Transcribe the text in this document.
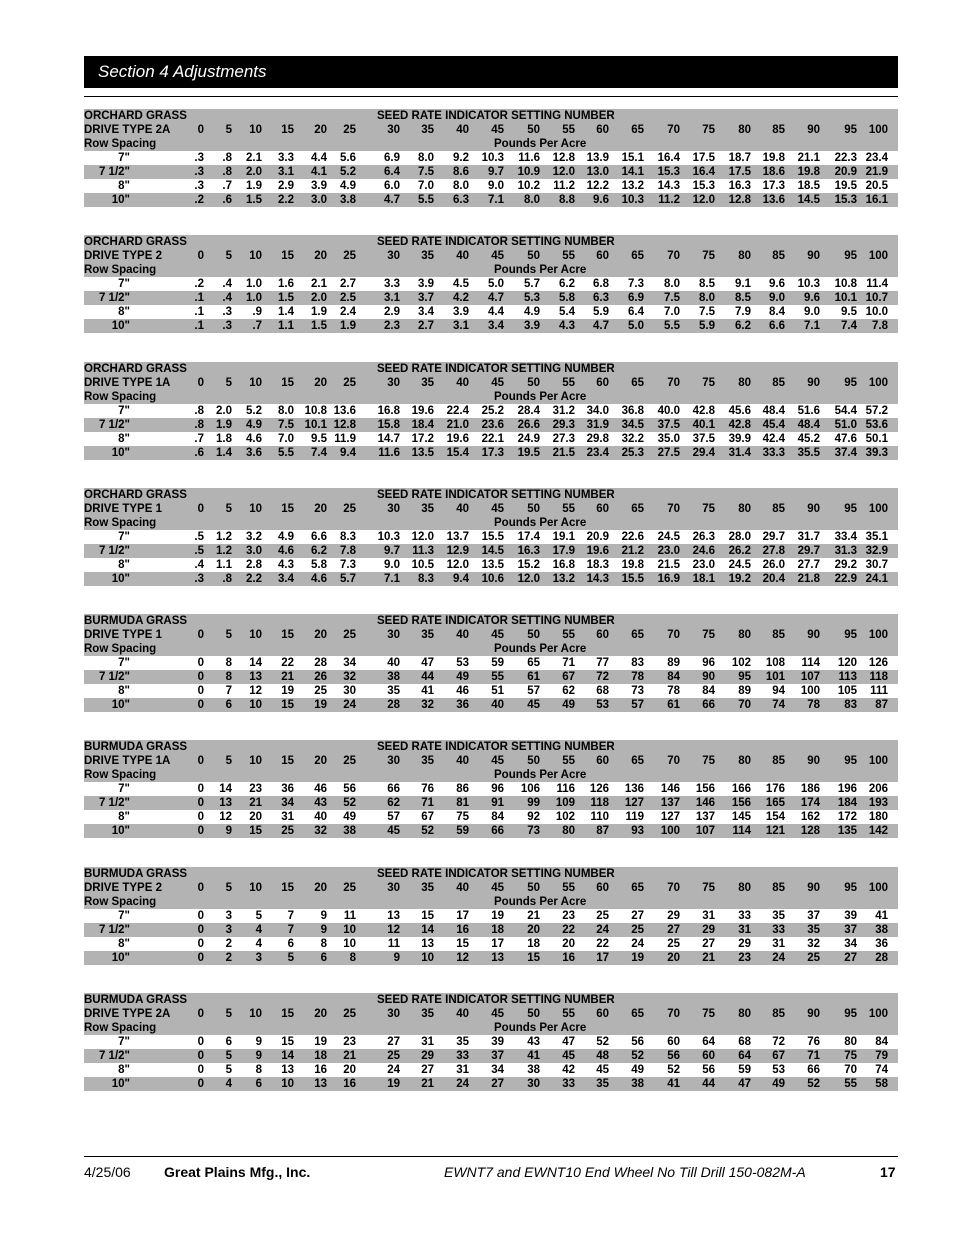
Section 4 Adjustments
ORCHARD GRASS	SEED RATE INDICATOR SETTING NUMBER
DRIVE TYPE 2A	0	5	10	15	20	25	30	35	40	45	50	55	60	65	70	75	80	85	90	95	100
Row Spacing	Pounds Per Acre
7"	.3	.8	2.1	3.3	4.4	5.6	6.9	8.0	9.2	10.3	11.6	12.8	13.9	15.1	16.4	17.5	18.7	19.8	21.1	22.3 23.4
7 1/2"	.3	.8	2.0	3.1	4.1	5.2	6.4	7.5	8.6	9.7	10.9	12.0	13.0	14.1	15.3	16.4	17.5	18.6	19.8	20.9 21.9
8"	.3	.7	1.9	2.9	3.9	4.9	6.0	7.0	8.0	9.0	10.2	11.2	12.2	13.2	14.3	15.3	16.3	17.3	18.5	19.5 20.5
10"	.2	.6	1.5	2.2	3.0	3.8	4.7	5.5	6.3	7.1	8.0	8.8	9.6	10.3	11.2	12.0	12.8	13.6	14.5	15.3 16.1
ORCHARD GRASS	SEED RATE INDICATOR SETTING NUMBER
DRIVE TYPE 2	0	5	10	15	20	25	30	35	40	45	50	55	60	65	70	75	80	85	90	95	100
Row Spacing	Pounds Per Acre
7"	.2	.4	1.0	1.6	2.1	2.7	3.3	3.9	4.5	5.0	5.7	6.2	6.8	7.3	8.0	8.5	9.1	9.6	10.3	10.8 11.4
7 1/2"	.1	.4	1.0	1.5	2.0	2.5	3.1	3.7	4.2	4.7	5.3	5.8	6.3	6.9	7.5	8.0	8.5	9.0	9.6	10.1 10.7
8"	.1	.3	.9	1.4	1.9	2.4	2.9	3.4	3.9	4.4	4.9	5.4	5.9	6.4	7.0	7.5	7.9	8.4	9.0	9.5 10.0
10"	.1	.3	.7	1.1	1.5	1.9	2.3	2.7	3.1	3.4	3.9	4.3	4.7	5.0	5.5	5.9	6.2	6.6	7.1	7.4	7.8
ORCHARD GRASS	SEED RATE INDICATOR SETTING NUMBER
DRIVE TYPE 1A	0	5	10	15	20	25	30	35	40	45	50	55	60	65	70	75	80	85	90	95	100
Row Spacing	Pounds Per Acre
7"	.8	2.0	5.2	8.0 10.8 13.6	16.8	19.6	22.4	25.2	28.4	31.2	34.0	36.8	40.0	42.8	45.6	48.4	51.6	54.4 57.2
7 1/2"	.8	1.9	4.9	7.5 10.1 12.8	15.8	18.4	21.0	23.6	26.6	29.3	31.9	34.5	37.5	40.1	42.8	45.4	48.4	51.0 53.6
8"	.7	1.8	4.6	7.0	9.5 11.9	14.7	17.2	19.6	22.1	24.9	27.3	29.8	32.2	35.0	37.5	39.9	42.4	45.2	47.6 50.1
10"	.6	1.4	3.6	5.5	7.4	9.4	11.6	13.5	15.4	17.3	19.5	21.5	23.4	25.3	27.5	29.4	31.4	33.3	35.5	37.4 39.3
ORCHARD GRASS	SEED RATE INDICATOR SETTING NUMBER
DRIVE TYPE 1	0	5	10	15	20	25	30	35	40	45	50	55	60	65	70	75	80	85	90	95	100
Row Spacing	Pounds Per Acre
7"	.5	1.2	3.2	4.9	6.6	8.3	10.3	12.0	13.7	15.5	17.4	19.1	20.9	22.6	24.5	26.3	28.0	29.7	31.7	33.4 35.1
7 1/2"	.5	1.2	3.0	4.6	6.2	7.8	9.7	11.3	12.9	14.5	16.3	17.9	19.6	21.2	23.0	24.6	26.2	27.8	29.7	31.3 32.9
8"	.4	1.1	2.8	4.3	5.8	7.3	9.0	10.5	12.0	13.5	15.2	16.8	18.3	19.8	21.5	23.0	24.5	26.0	27.7	29.2 30.7
10"	.3	.8	2.2	3.4	4.6	5.7	7.1	8.3	9.4	10.6	12.0	13.2	14.3	15.5	16.9	18.1	19.2	20.4	21.8	22.9 24.1
BURMUDA GRASS	SEED RATE INDICATOR SETTING NUMBER
DRIVE TYPE 1	0	5	10	15	20	25	30	35	40	45	50	55	60	65	70	75	80	85	90	95	100
Row Spacing	Pounds Per Acre
7"	0	8	14	22	28	34	40	47	53	59	65	71	77	83	89	96	102	108	114	120	126
7 1/2"	0	8	13	21	26	32	38	44	49	55	61	67	72	78	84	90	95	101	107	113	118
8"	0	7	12	19	25	30	35	41	46	51	57	62	68	73	78	84	89	94	100	105	111
10"	0	6	10	15	19	24	28	32	36	40	45	49	53	57	61	66	70	74	78	83	87
BURMUDA GRASS	SEED RATE INDICATOR SETTING NUMBER
DRIVE TYPE 1A	0	5	10	15	20	25	30	35	40	45	50	55	60	65	70	75	80	85	90	95	100
Row Spacing	Pounds Per Acre
7"	0	14	23	36	46	56	66	76	86	96	106	116	126	136	146	156	166	176	186	196	206
7 1/2"	0	13	21	34	43	52	62	71	81	91	99	109	118	127	137	146	156	165	174	184	193
8"	0	12	20	31	40	49	57	67	75	84	92	102	110	119	127	137	145	154	162	172	180
10"	0	9	15	25	32	38	45	52	59	66	73	80	87	93	100	107	114	121	128	135	142
BURMUDA GRASS	SEED RATE INDICATOR SETTING NUMBER
DRIVE TYPE 2	0	5	10	15	20	25	30	35	40	45	50	55	60	65	70	75	80	85	90	95	100
Row Spacing	Pounds Per Acre
7"	0	3	5	7	9	11	13	15	17	19	21	23	25	27	29	31	33	35	37	39	41
7 1/2"	0	3	4	7	9	10	12	14	16	18	20	22	24	25	27	29	31	33	35	37	38
8"	0	2	4	6	8	10	11	13	15	17	18	20	22	24	25	27	29	31	32	34	36
10"	0	2	3	5	6	8	9	10	12	13	15	16	17	19	20	21	23	24	25	27	28
BURMUDA GRASS	SEED RATE INDICATOR SETTING NUMBER
DRIVE TYPE 2A	0	5	10	15	20	25	30	35	40	45	50	55	60	65	70	75	80	85	90	95	100
Row Spacing	Pounds Per Acre
7"	0	6	9	15	19	23	27	31	35	39	43	47	52	56	60	64	68	72	76	80	84
7 1/2"	0	5	9	14	18	21	25	29	33	37	41	45	48	52	56	60	64	67	71	75	79
8"	0	5	8	13	16	20	24	27	31	34	38	42	45	49	52	56	59	53	66	70	74
10"	0	4	6	10	13	16	19	21	24	27	30	33	35	38	41	44	47	49	52	55	58
4/25/06 Great Plains Mfg., Inc.	EWNT7 and EWNT10 End Wheel No Till Drill 150-082M-A	17
